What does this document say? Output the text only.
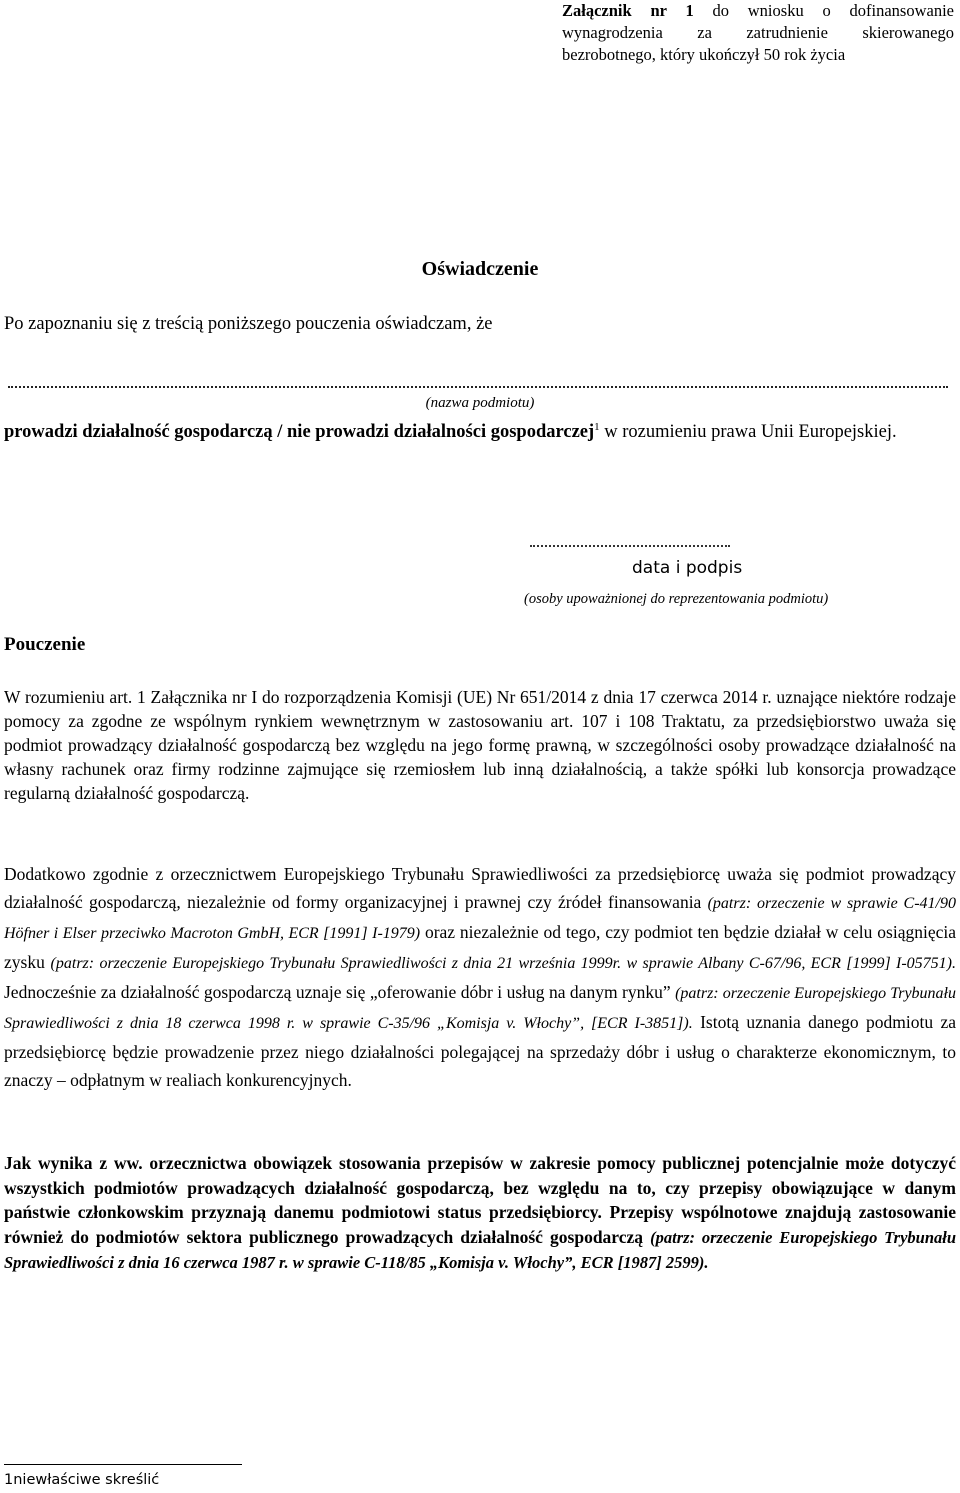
Załącznik nr 1 do wniosku o dofinansowanie wynagrodzenia za zatrudnienie skierowanego bezrobotnego, który ukończył 50 rok życia
Oświadczenie
Po zapoznaniu się z treścią poniższego pouczenia oświadczam, że
(nazwa podmiotu)
prowadzi działalność gospodarczą / nie prowadzi działalności gospodarczej$^1$ w rozumieniu prawa Unii Europejskiej.
data i podpis
(osoby upoważnionej do reprezentowania podmiotu)
Pouczenie
W rozumieniu art. 1 Załącznika nr I do rozporządzenia Komisji (UE) Nr 651/2014 z dnia 17 czerwca 2014 r. uznające niektóre rodzaje pomocy za zgodne ze wspólnym rynkiem wewnętrznym w zastosowaniu art. 107 i 108 Traktatu, za przedsiębiorstwo uważa się podmiot prowadzący działalność gospodarczą bez względu na jego formę prawną, w szczególności osoby prowadzące działalność na własny rachunek oraz firmy rodzinne zajmujące się rzemiosłem lub inną działalnością, a także spółki lub konsorcja prowadzące regularną działalność gospodarczą.
Dodatkowo zgodnie z orzecznictwem Europejskiego Trybunału Sprawiedliwości za przedsiębiorcę uważa się podmiot prowadzący działalność gospodarczą, niezależnie od formy organizacyjnej i prawnej czy źródeł finansowania (patrz: orzeczenie w sprawie C-41/90 Höfner i Elser przeciwko Macroton GmbH, ECR [1991] I-1979) oraz niezależnie od tego, czy podmiot ten będzie działał w celu osiągnięcia zysku (patrz: orzeczenie Europejskiego Trybunału Sprawiedliwości z dnia 21 września 1999r. w sprawie Albany C-67/96, ECR [1999] I-05751). Jednocześnie za działalność gospodarczą uznaje się „oferowanie dóbr i usług na danym rynku” (patrz: orzeczenie Europejskiego Trybunału Sprawiedliwości z dnia 18 czerwca 1998 r. w sprawie C-35/96 „Komisja v. Włochy”, [ECR I-3851]). Istotą uznania danego podmiotu za przedsiębiorcę będzie prowadzenie przez niego działalności polegającej na sprzedaży dóbr i usług o charakterze ekonomicznym, to znaczy – odpłatnym w realiach konkurencyjnych.
Jak wynika z ww. orzecznictwa obowiązek stosowania przepisów w zakresie pomocy publicznej potencjalnie może dotyczyć wszystkich podmiotów prowadzących działalność gospodarczą, bez względu na to, czy przepisy obowiązujące w danym państwie członkowskim przyznają danemu podmiotowi status przedsiębiorcy. Przepisy wspólnotowe znajdują zastosowanie również do podmiotów sektora publicznego prowadzących działalność gospodarczą (patrz: orzeczenie Europejskiego Trybunału Sprawiedliwości z dnia 16 czerwca 1987 r. w sprawie C-118/85 „Komisja v. Włochy”, ECR [1987] 2599).
1niewłaściwe skreślić
